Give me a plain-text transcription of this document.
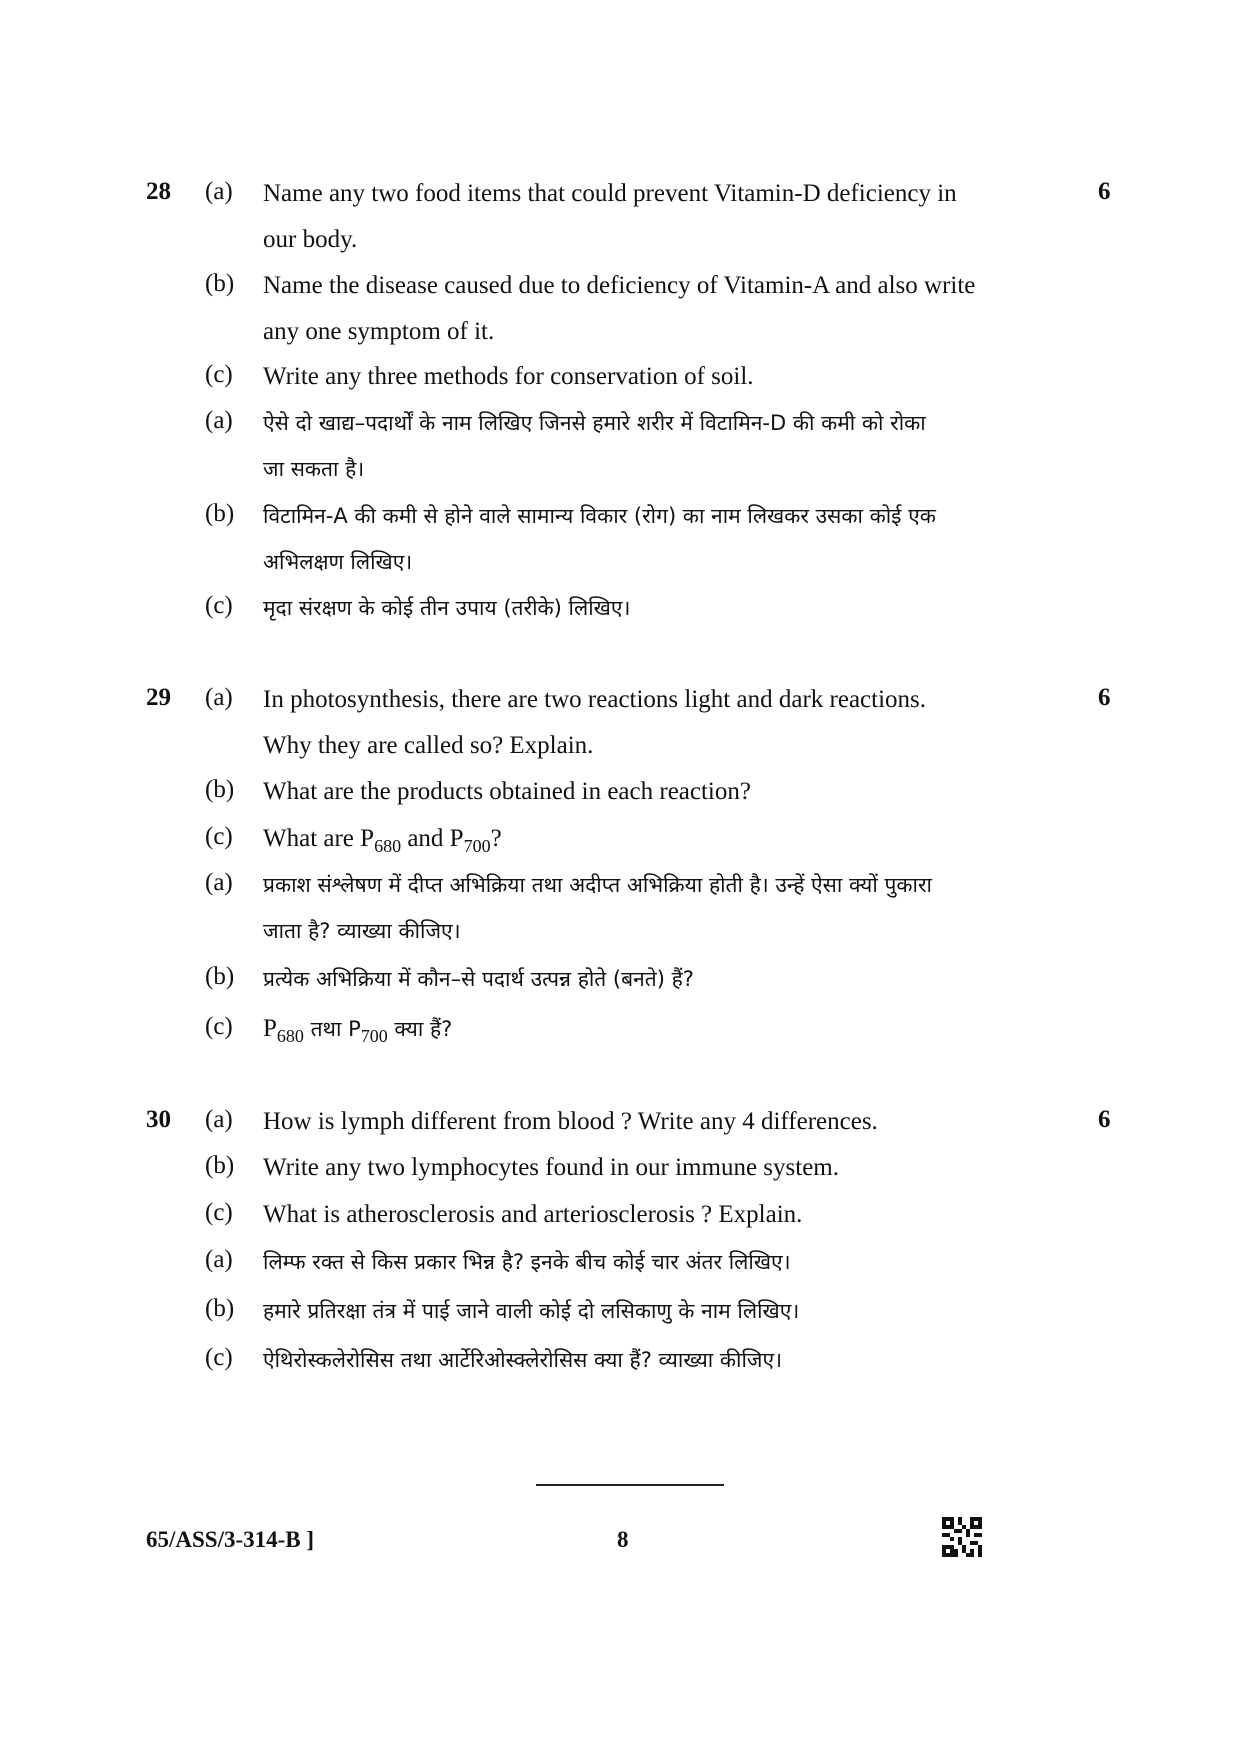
28	6
(a) Name any two food items that could prevent Vitamin-D deficiency in
our body.
(b) Name the disease caused due to deficiency of Vitamin-A and also write
any one symptom of it.
(c) Write any three methods for conservation of soil.
(a) ऐसे दो खाद्य–पदार्थों के नाम लिखिए जिनसे हमारे शरीर में विटामिन-D की कमी को रोका
जा सकता है।
(b) विटामिन-A की कमी से होने वाले सामान्य विकार (रोग) का नाम लिखकर उसका कोई एक
अभिलक्षण लिखिए।
(c) मृदा संरक्षण के कोई तीन उपाय (तरीके) लिखिए।
29	6
(a) In photosynthesis, there are two reactions light and dark reactions.
Why they are called so? Explain.
(b) What are the products obtained in each reaction?
(c) What are $P_{680}$ and $P_{700}$?
(a) प्रकाश संश्लेषण में दीप्त अभिक्रिया तथा अदीप्त अभिक्रिया होती है। उन्हें ऐसा क्यों पुकारा
जाता है? व्याख्या कीजिए।
(b) प्रत्येक अभिक्रिया में कौन–से पदार्थ उत्पन्न होते (बनते) हैं?
(c) $P_{680}$ तथा $P_{700}$ क्या हैं?
30	6
(a) How is lymph different from blood ? Write any 4 differences.
(b) Write any two lymphocytes found in our immune system.
(c) What is atherosclerosis and arteriosclerosis ? Explain.
(a) लिम्फ रक्त से किस प्रकार भिन्न है? इनके बीच कोई चार अंतर लिखिए।
(b) हमारे प्रतिरक्षा तंत्र में पाई जाने वाली कोई दो लसिकाणु के नाम लिखिए।
(c) ऐथिरोस्कलेरोसिस तथा आर्टेरिओस्क्लेरोसिस क्या हैं? व्याख्या कीजिए।
65/ASS/3-314-B ]	8
